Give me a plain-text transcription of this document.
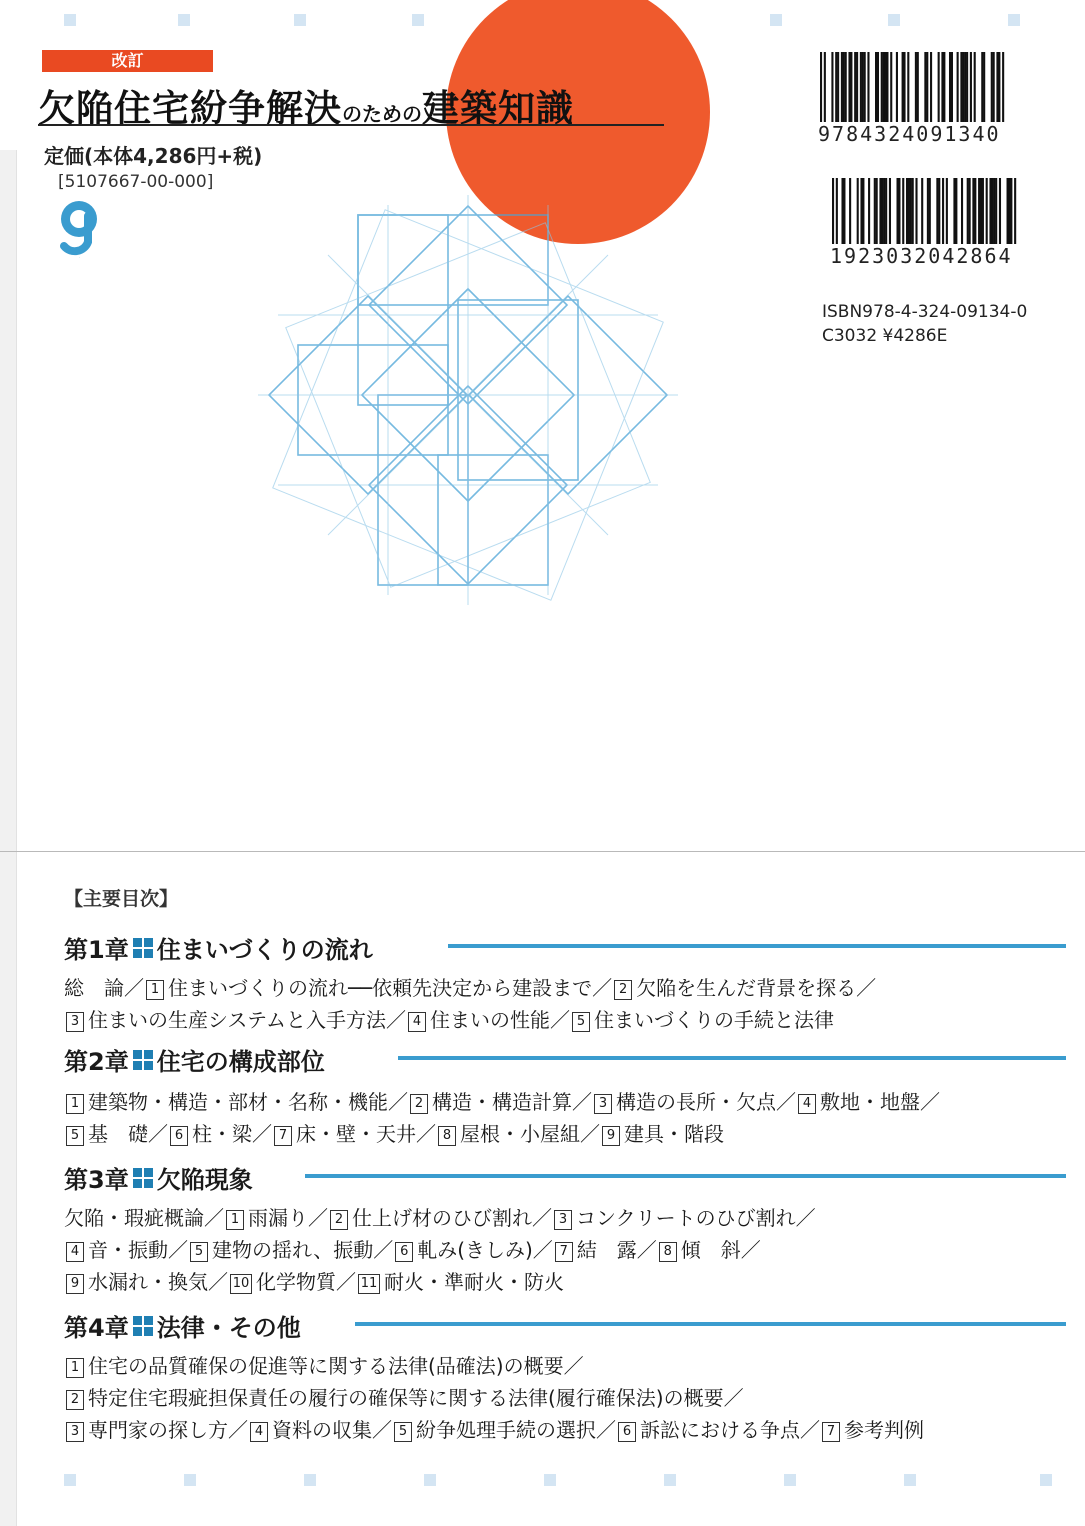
改訂
欠陥住宅紛争解決のための建築知識
定価(本体4,286円+税)
[5107667-00-000]
g
9784324091340
1923032042864
ISBN978-4-324-09134-0
C3032 ¥4286E
【主要目次】
第1章 住まいづくりの流れ
総　論／ 1 住まいづくりの流れ──依頼先決定から建設まで／ 2 欠陥を生んだ背景を探る／
3 住まいの生産システムと入手方法／ 4 住まいの性能／ 5 住まいづくりの手続と法律
第2章 住宅の構成部位
1 建築物・構造・部材・名称・機能／ 2 構造・構造計算／ 3 構造の長所・欠点／ 4 敷地・地盤／
5 基　礎／ 6 柱・梁／ 7 床・壁・天井／ 8 屋根・小屋組／ 9 建具・階段
第3章 欠陥現象
欠陥・瑕疵概論／ 1 雨漏り／ 2 仕上げ材のひび割れ／ 3 コンクリートのひび割れ／
4 音・振動／ 5 建物の揺れ、振動／ 6 軋み(きしみ)／ 7 結　露／ 8 傾　斜／
9 水漏れ・換気／ 10 化学物質／ 11 耐火・準耐火・防火
第4章 法律・その他
1 住宅の品質確保の促進等に関する法律(品確法)の概要／
2 特定住宅瑕疵担保責任の履行の確保等に関する法律(履行確保法)の概要／
3 専門家の探し方／ 4 資料の収集／ 5 紛争処理手続の選択／ 6 訴訟における争点／ 7 参考判例
